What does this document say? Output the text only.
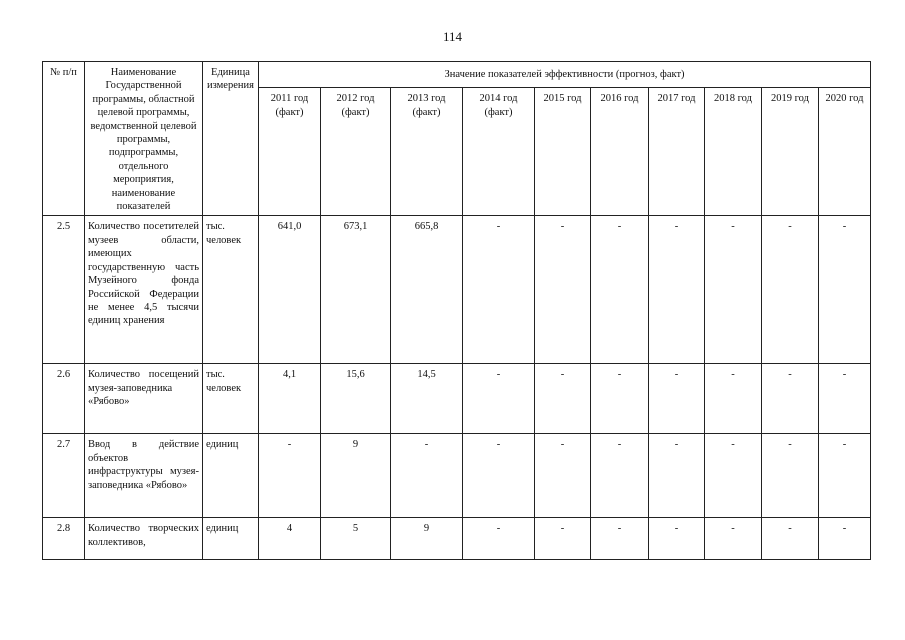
114
№ п/п	Наименование Государственной программы, областной целевой программы, ведомственной целевой программы, подпрограммы, отдельного мероприятия, наименование показателей	Единица измерения	Значение показателей эффективности (прогноз, факт)									
			2011 год (факт)	2012 год (факт)	2013 год (факт)	2014 год (факт)	2015 год	2016 год	2017 год	2018 год	2019 год	2020 год
2.5	Количество посетителей музеев области, имеющих государственную часть Музейного фонда Российской Федерации не менее 4,5 тысячи единиц хранения	тыс. человек	641,0	673,1	665,8	-	-	-	-	-	-	-
2.6	Количество посещений музея-заповедника «Рябово»	тыс. человек	4,1	15,6	14,5	-	-	-	-	-	-	-
2.7	Ввод в действие объектов инфраструктуры музея-заповедника «Рябово»	единиц	-	9	-	-	-	-	-	-	-	-
2.8	Количество творческих коллективов,	единиц	4	5	9	-	-	-	-	-	-	-
